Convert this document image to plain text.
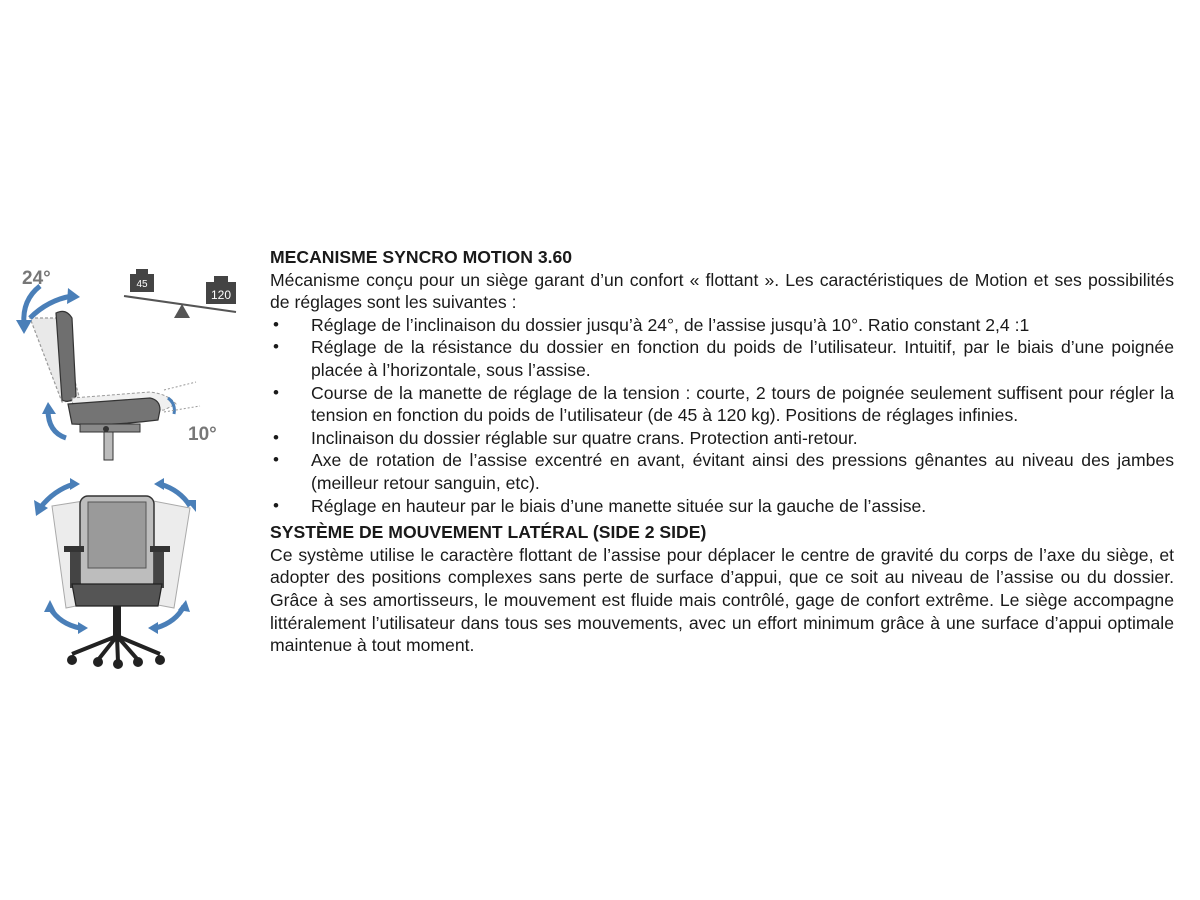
24°
10°
45
120
MECANISME SYNCRO MOTION 3.60

Mécanisme conçu pour un siège garant d’un confort « flottant ». Les caractéristiques de Motion et ses possibilités de réglages sont les suivantes :

• Réglage de l’inclinaison du dossier jusqu’à 24°, de l’assise jusqu’à 10°. Ratio constant 2,4 :1
• Réglage de la résistance du dossier en fonction du poids de l’utilisateur. Intuitif, par le biais d’une poignée placée à l’horizontale, sous l’assise.
• Course de la manette de réglage de la tension : courte, 2 tours de poignée seulement suffisent pour régler la tension en fonction du poids de l’utilisateur (de 45 à 120 kg). Positions de réglages infinies.
• Inclinaison du dossier réglable sur quatre crans. Protection anti-retour.
• Axe de rotation de l’assise excentré en avant, évitant ainsi des pressions gênantes au niveau des jambes (meilleur retour sanguin, etc).
• Réglage en hauteur par le biais d’une manette située sur la gauche de l’assise.
SYSTÈME DE MOUVEMENT LATÉRAL (SIDE 2 SIDE)

Ce système utilise le caractère flottant de l’assise pour déplacer le centre de gravité du corps de l’axe du siège, et adopter des positions complexes sans perte de surface d’appui, que ce soit au niveau de l’assise ou du dossier. Grâce à ses amortisseurs, le mouvement est fluide mais contrôlé, gage de confort extrême. Le siège accompagne littéralement l’utilisateur dans tous ses mouvements, avec un effort minimum grâce à une surface d’appui optimale maintenue à tout moment.
